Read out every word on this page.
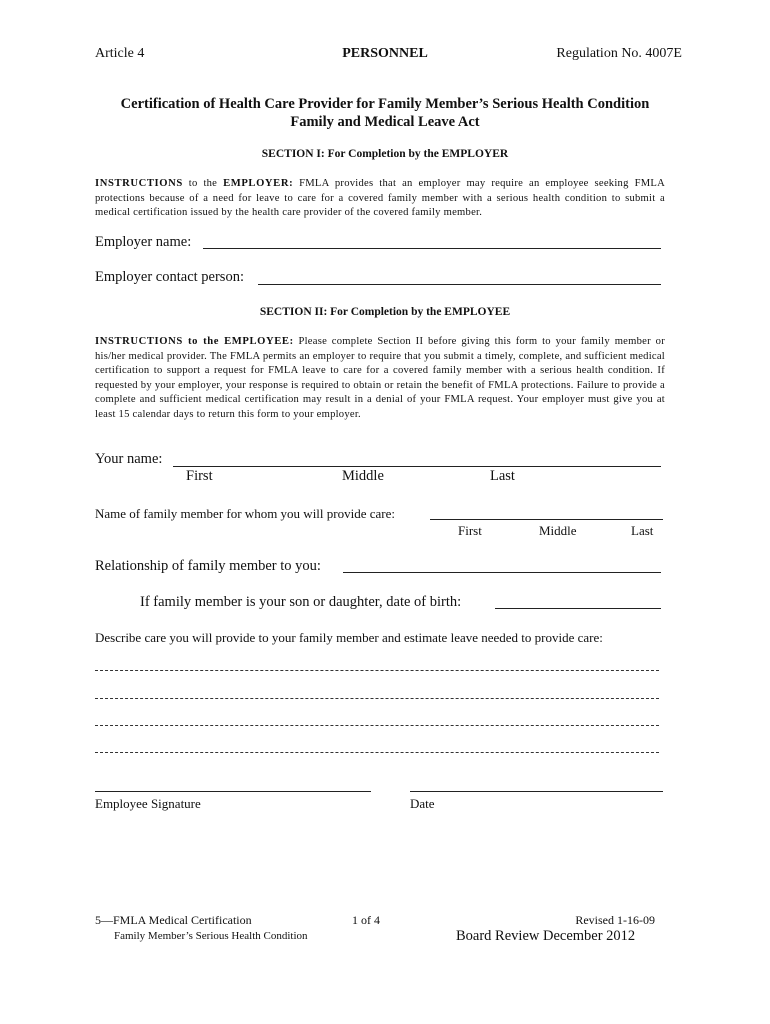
Article 4	PERSONNEL	Regulation No. 4007E
Certification of Health Care Provider for Family Member’s Serious Health Condition
Family and Medical Leave Act
SECTION I: For Completion by the EMPLOYER
INSTRUCTIONS to the EMPLOYER: FMLA provides that an employer may require an employee seeking FMLA protections because of a need for leave to care for a covered family member with a serious health condition to submit a medical certification issued by the health care provider of the covered family member.
Employer name:
Employer contact person:
SECTION II: For Completion by the EMPLOYEE
INSTRUCTIONS to the EMPLOYEE: Please complete Section II before giving this form to your family member or his/her medical provider. The FMLA permits an employer to require that you submit a timely, complete, and sufficient medical certification to support a request for FMLA leave to care for a covered family member with a serious health condition. If requested by your employer, your response is required to obtain or retain the benefit of FMLA protections. Failure to provide a complete and sufficient medical certification may result in a denial of your FMLA request. Your employer must give you at least 15 calendar days to return this form to your employer.
Your name:
First	Middle	Last
Name of family member for whom you will provide care:
First	Middle	Last
Relationship of family member to you:
If family member is your son or daughter, date of birth:
Describe care you will provide to your family member and estimate leave needed to provide care:
Employee Signature	Date
5—FMLA Medical Certification
Family Member’s Serious Health Condition
1 of 4	Revised 1-16-09
Board Review December 2012
